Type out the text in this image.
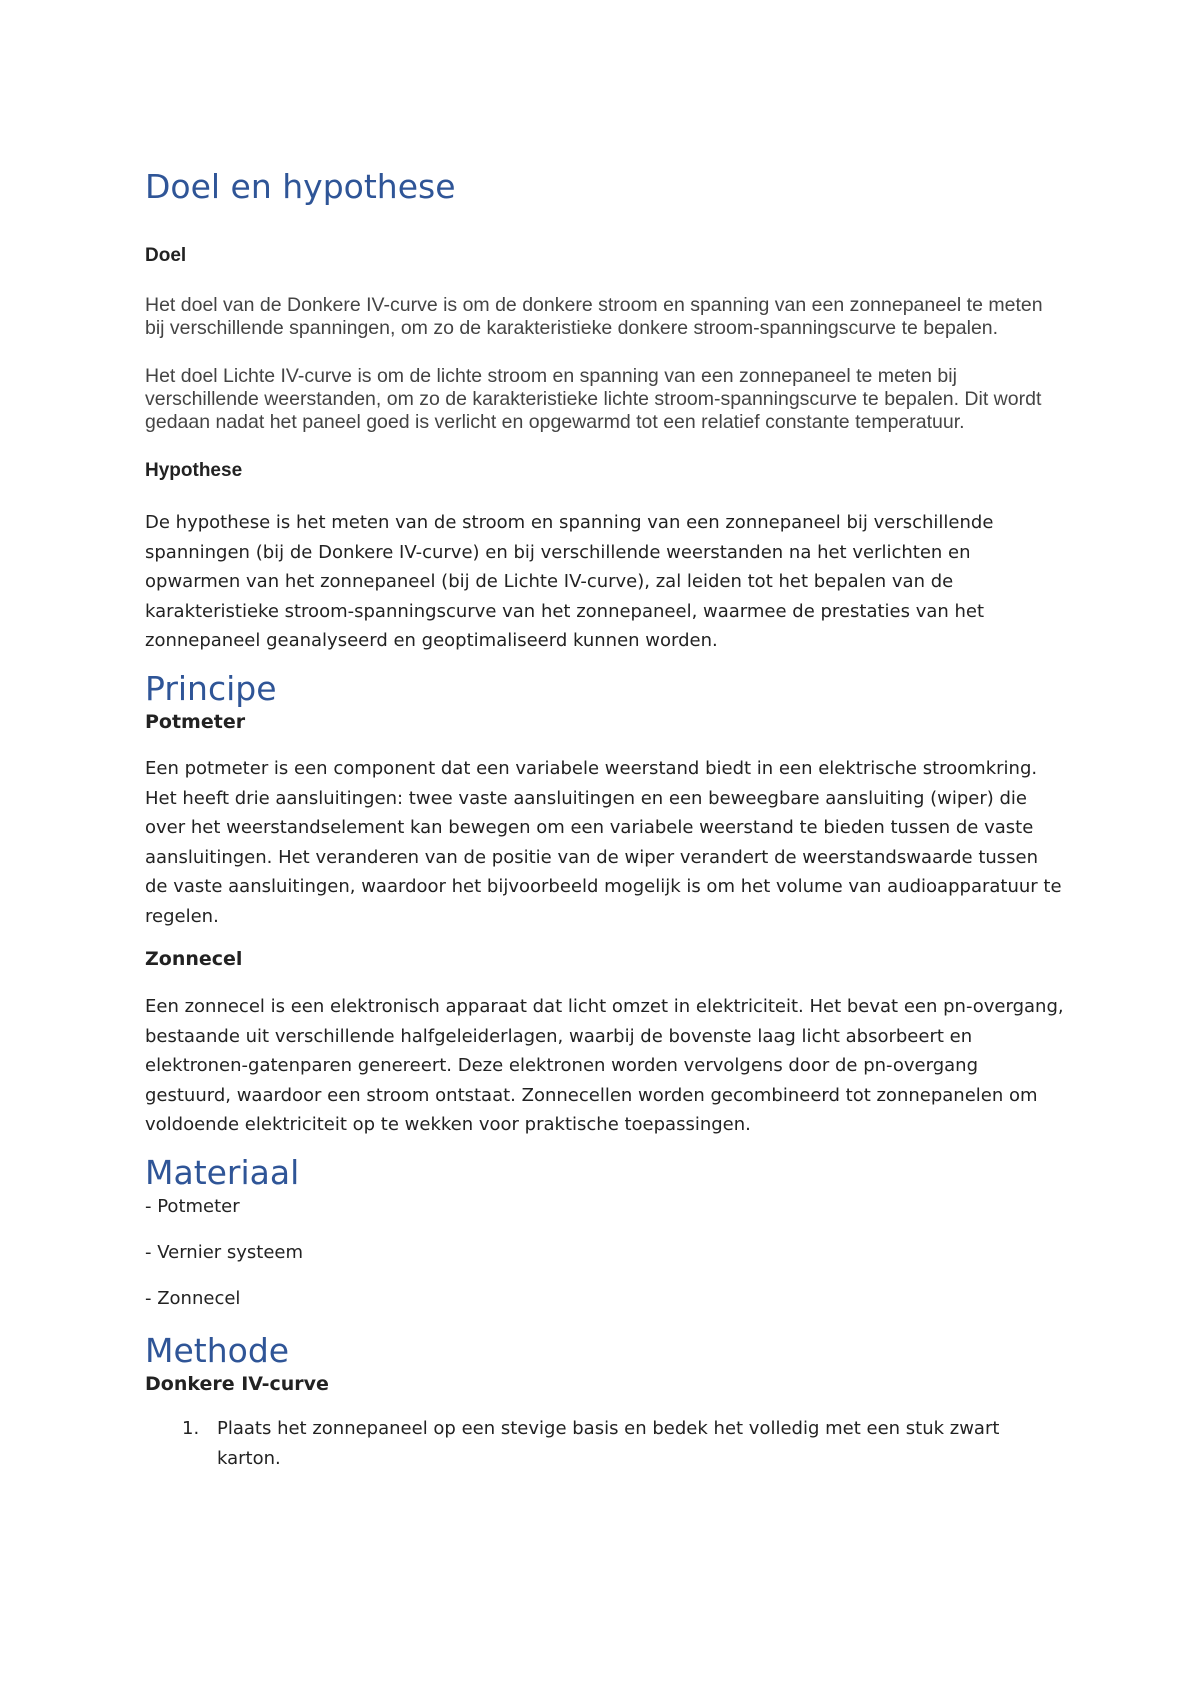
Doel en hypothese
Doel

Het doel van de Donkere IV-curve is om de donkere stroom en spanning van een zonnepaneel te meten bij verschillende spanningen, om zo de karakteristieke donkere stroom-spanningscurve te bepalen.

Het doel Lichte IV-curve is om de lichte stroom en spanning van een zonnepaneel te meten bij verschillende weerstanden, om zo de karakteristieke lichte stroom-spanningscurve te bepalen. Dit wordt gedaan nadat het paneel goed is verlicht en opgewarmd tot een relatief constante temperatuur.

Hypothese

De hypothese is het meten van de stroom en spanning van een zonnepaneel bij verschillende spanningen (bij de Donkere IV-curve) en bij verschillende weerstanden na het verlichten en opwarmen van het zonnepaneel (bij de Lichte IV-curve), zal leiden tot het bepalen van de karakteristieke stroom-spanningscurve van het zonnepaneel, waarmee de prestaties van het zonnepaneel geanalyseerd en geoptimaliseerd kunnen worden.

Principe
Potmeter

Een potmeter is een component dat een variabele weerstand biedt in een elektrische stroomkring. Het heeft drie aansluitingen: twee vaste aansluitingen en een beweegbare aansluiting (wiper) die over het weerstandselement kan bewegen om een variabele weerstand te bieden tussen de vaste aansluitingen. Het veranderen van de positie van de wiper verandert de weerstandswaarde tussen de vaste aansluitingen, waardoor het bijvoorbeeld mogelijk is om het volume van audioapparatuur te regelen.

Zonnecel

Een zonnecel is een elektronisch apparaat dat licht omzet in elektriciteit. Het bevat een pn-overgang, bestaande uit verschillende halfgeleiderlagen, waarbij de bovenste laag licht absorbeert en elektronen-gatenparen genereert. Deze elektronen worden vervolgens door de pn-overgang gestuurd, waardoor een stroom ontstaat. Zonnecellen worden gecombineerd tot zonnepanelen om voldoende elektriciteit op te wekken voor praktische toepassingen.

Materiaal

- Potmeter

- Vernier systeem

- Zonnecel

Methode
Donkere IV-curve
1. Plaats het zonnepaneel op een stevige basis en bedek het volledig met een stuk zwart karton.
